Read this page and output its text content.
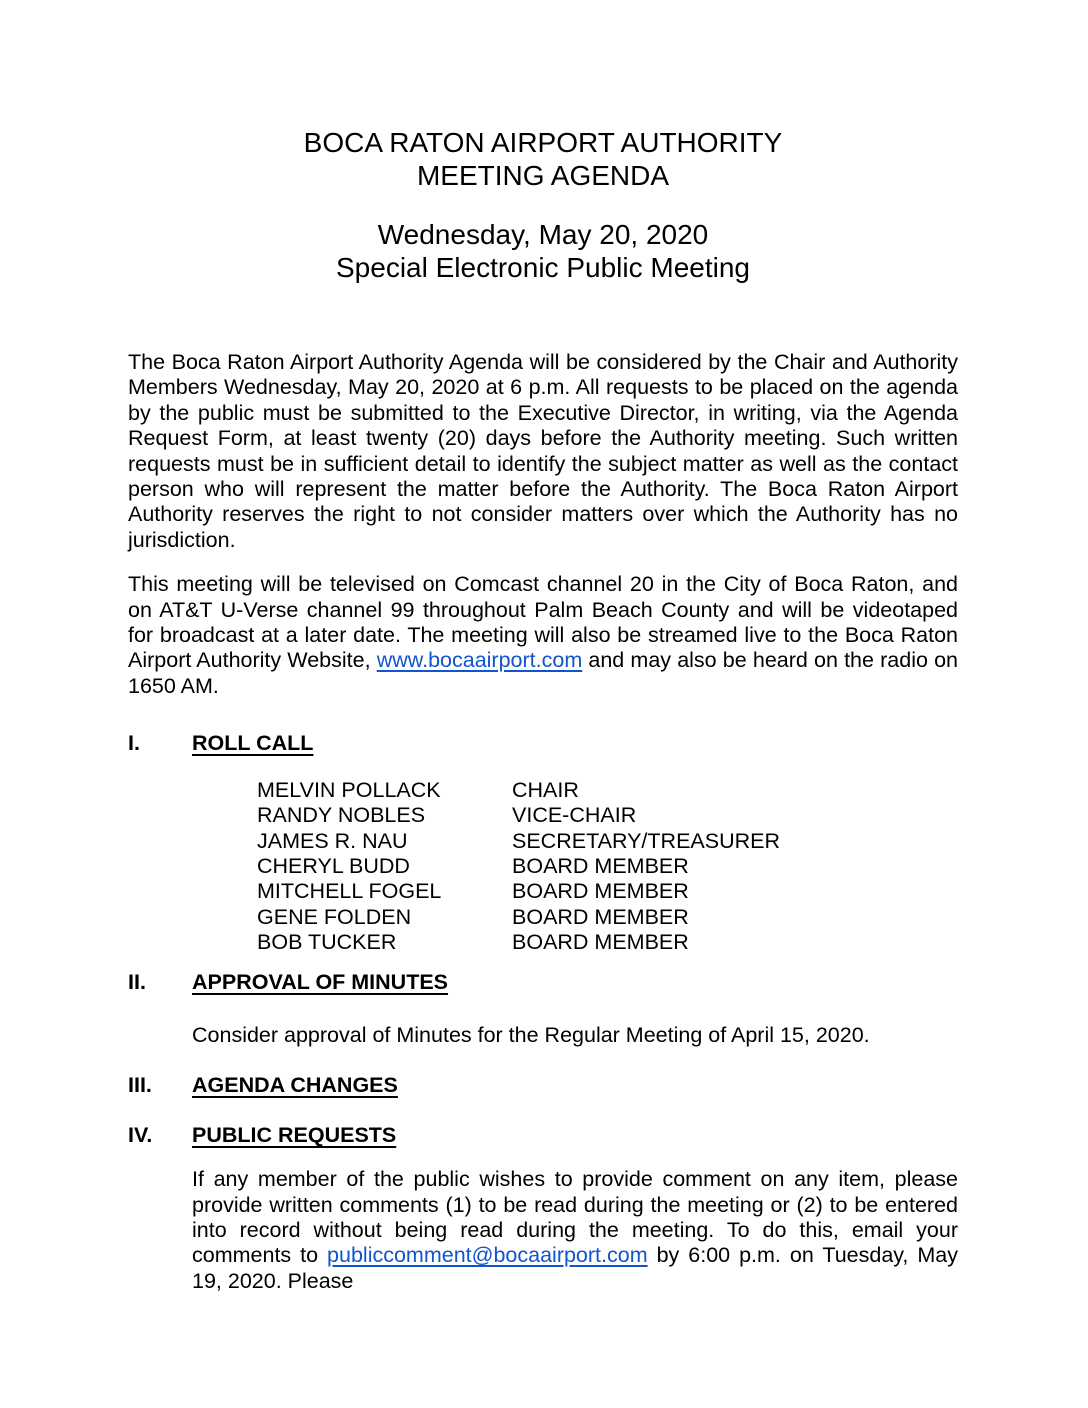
BOCA RATON AIRPORT AUTHORITY
MEETING AGENDA
Wednesday, May 20, 2020
Special Electronic Public Meeting
The Boca Raton Airport Authority Agenda will be considered by the Chair and Authority Members Wednesday, May 20, 2020 at 6 p.m. All requests to be placed on the agenda by the public must be submitted to the Executive Director, in writing, via the Agenda Request Form, at least twenty (20) days before the Authority meeting. Such written requests must be in sufficient detail to identify the subject matter as well as the contact person who will represent the matter before the Authority. The Boca Raton Airport Authority reserves the right to not consider matters over which the Authority has no jurisdiction.
This meeting will be televised on Comcast channel 20 in the City of Boca Raton, and on AT&T U-Verse channel 99 throughout Palm Beach County and will be videotaped for broadcast at a later date. The meeting will also be streamed live to the Boca Raton Airport Authority Website, www.bocaairport.com and may also be heard on the radio on 1650 AM.
I.	ROLL CALL
MELVIN POLLACK	CHAIR
RANDY NOBLES	VICE-CHAIR
JAMES R. NAU	SECRETARY/TREASURER
CHERYL BUDD	BOARD MEMBER
MITCHELL FOGEL	BOARD MEMBER
GENE FOLDEN	BOARD MEMBER
BOB TUCKER	BOARD MEMBER
II.	APPROVAL OF MINUTES
Consider approval of Minutes for the Regular Meeting of April 15, 2020.
III.	AGENDA CHANGES
IV.	PUBLIC REQUESTS
If any member of the public wishes to provide comment on any item, please provide written comments (1) to be read during the meeting or (2) to be entered into record without being read during the meeting. To do this, email your comments to publiccomment@bocaairport.com by 6:00 p.m. on Tuesday, May 19, 2020. Please
